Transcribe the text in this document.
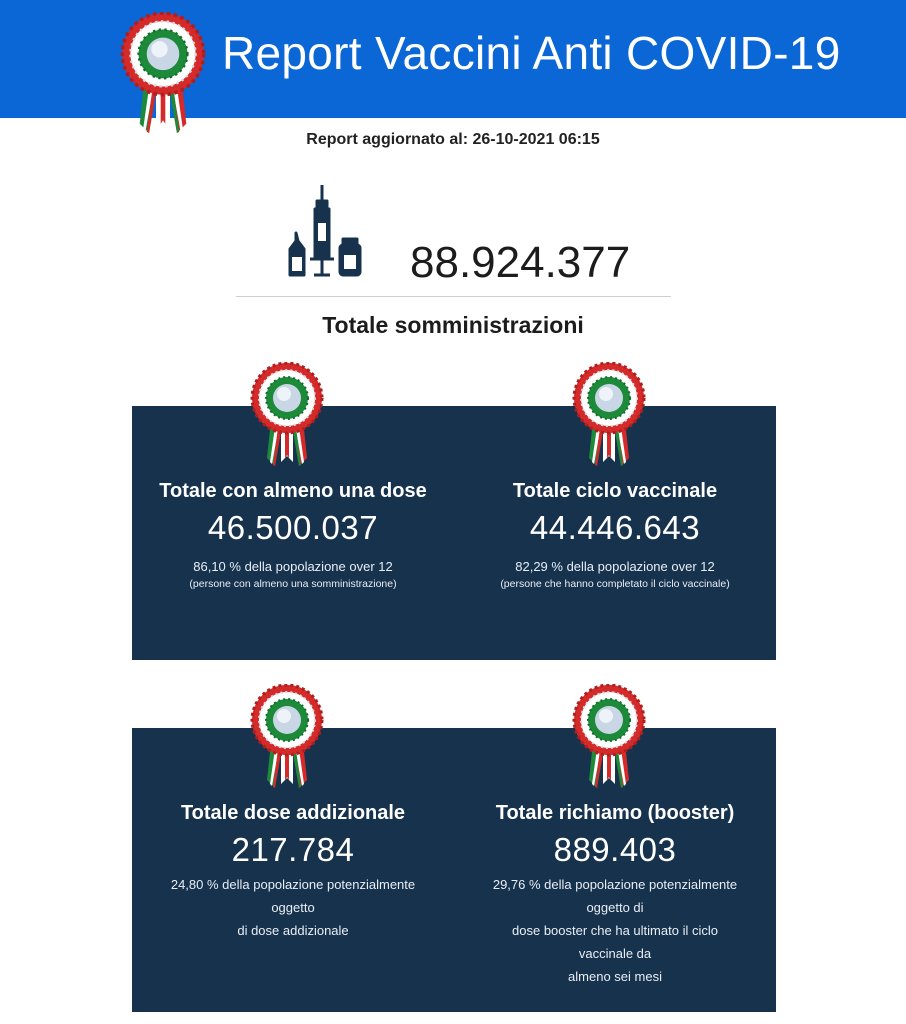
Report Vaccini Anti COVID-19
Report aggiornato al: 26-10-2021 06:15
88.924.377
Totale somministrazioni
Totale con almeno una dose
46.500.037
86,10 % della popolazione over 12
(persone con almeno una somministrazione)
Totale ciclo vaccinale
44.446.643
82,29 % della popolazione over 12
(persone che hanno completato il ciclo vaccinale)
Totale dose addizionale
217.784
24,80 % della popolazione potenzialmente
oggetto
di dose addizionale
Totale richiamo (booster)
889.403
29,76 % della popolazione potenzialmente
oggetto di
dose booster che ha ultimato il ciclo
vaccinale da
almeno sei mesi
